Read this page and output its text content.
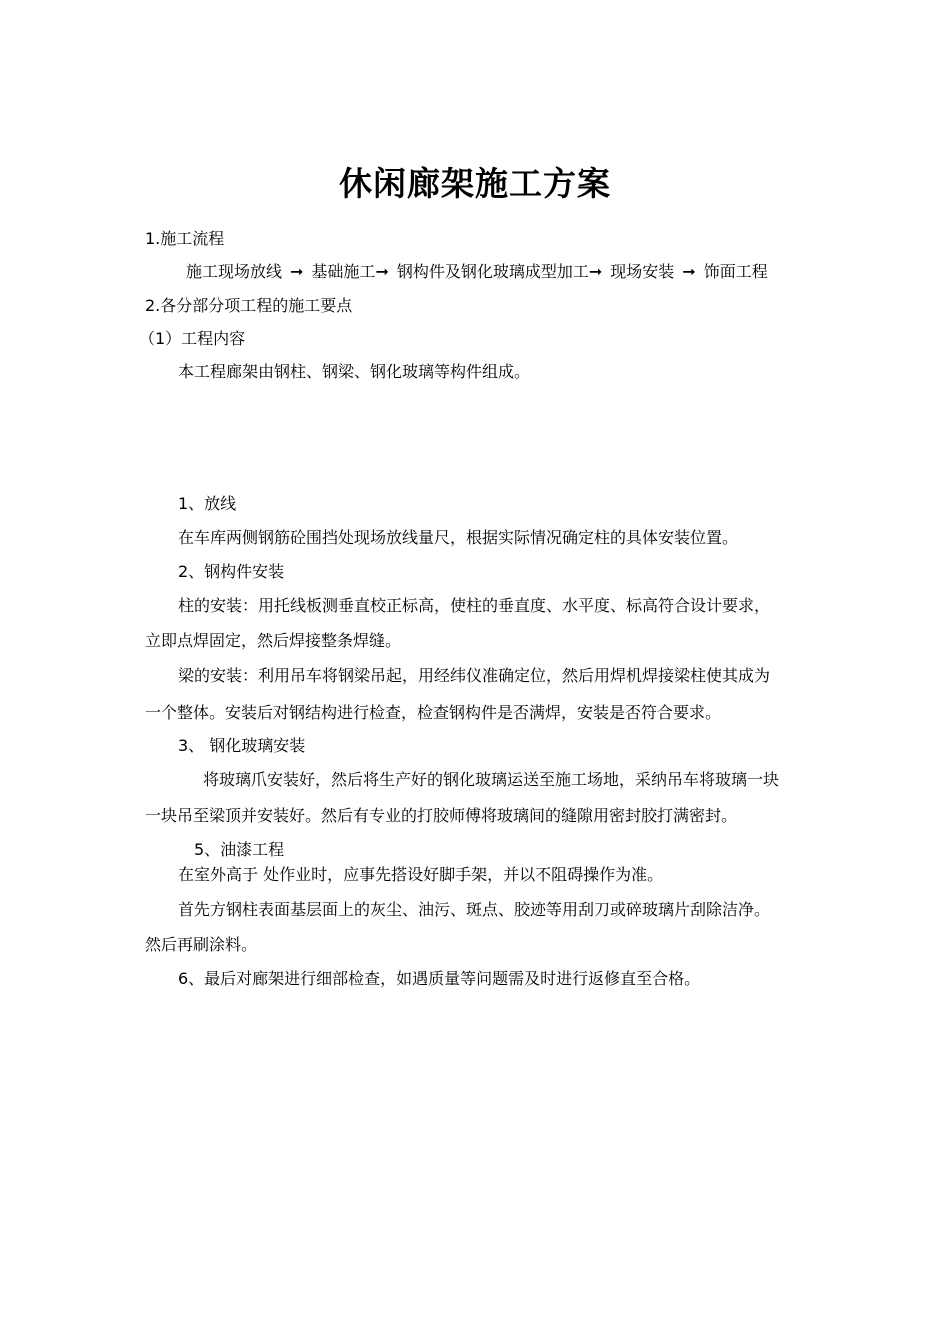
休闲廊架施工方案
1.施工流程
施工现场放线 ➞ 基础施工➞ 钢构件及钢化玻璃成型加工➞ 现场安装 ➞ 饰面工程
2.各分部分项工程的施工要点
（1）工程内容
本工程廊架由钢柱、钢梁、钢化玻璃等构件组成。
1、放线
在车库两侧钢筋砼围挡处现场放线量尺，根据实际情况确定柱的具体安装位置。
2、钢构件安装
柱的安装：用托线板测垂直校正标高，使柱的垂直度、水平度、标高符合设计要求，
立即点焊固定，然后焊接整条焊缝。
梁的安装：利用吊车将钢梁吊起，用经纬仪准确定位，然后用焊机焊接梁柱使其成为
一个整体。安装后对钢结构进行检查，检查钢构件是否满焊，安装是否符合要求。
3、 钢化玻璃安装
将玻璃爪安装好，然后将生产好的钢化玻璃运送至施工场地，采纳吊车将玻璃一块
一块吊至梁顶并安装好。然后有专业的打胶师傅将玻璃间的缝隙用密封胶打满密封。
5、油漆工程
在室外高于 处作业时，应事先搭设好脚手架，并以不阻碍操作为准。
首先方钢柱表面基层面上的灰尘、油污、斑点、胶迹等用刮刀或碎玻璃片刮除洁净。
然后再刷涂料。
6、最后对廊架进行细部检查，如遇质量等问题需及时进行返修直至合格。
